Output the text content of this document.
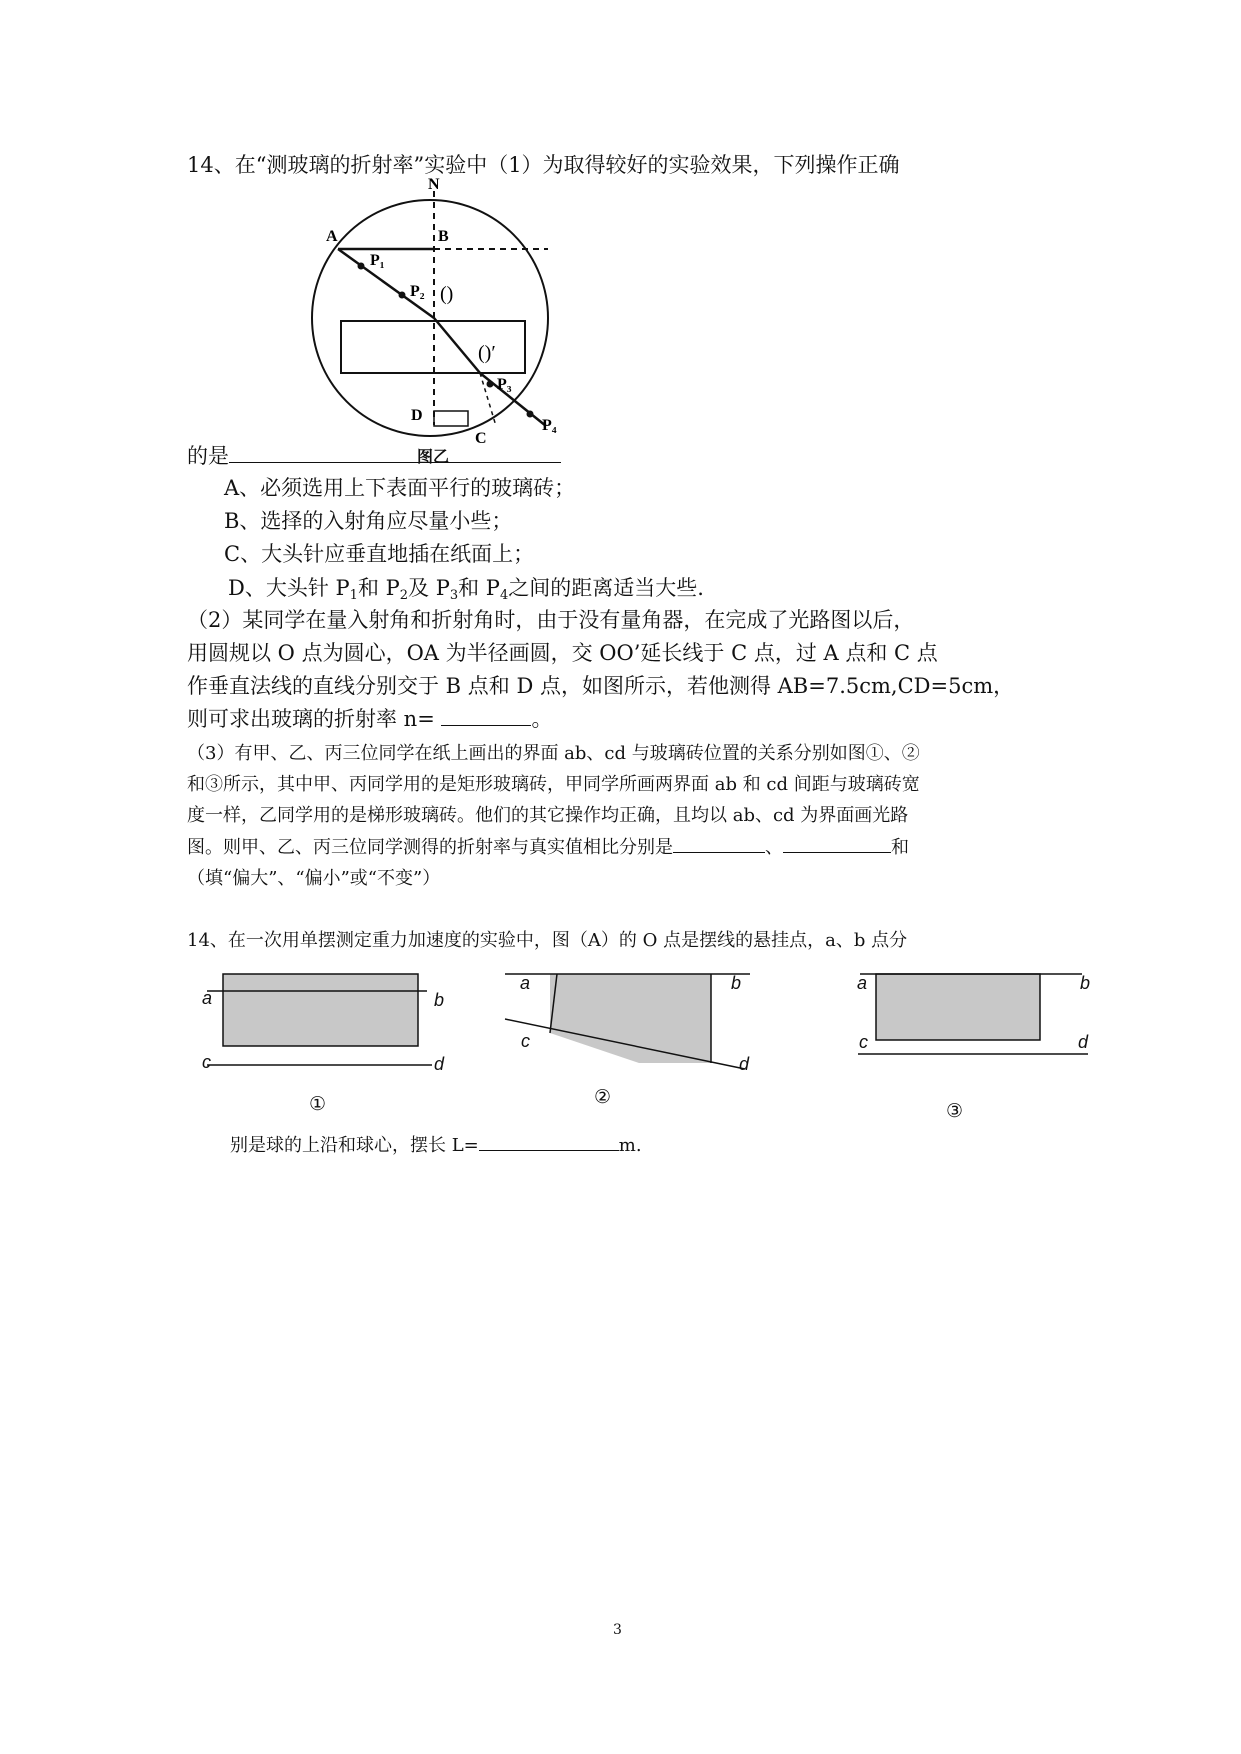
14、在“测玻璃的折射率”实验中（1）为取得较好的实验效果，下列操作正确
N
A	B
P₁
P₂ ()
()′
P₃
P₄
D
C
的是	图乙
A、必须选用上下表面平行的玻璃砖；
B、选择的入射角应尽量小些；
C、大头针应垂直地插在纸面上；
D、大头针 $P_1$和 $P_2$及 $P_3$和 $P_4$之间的距离适当大些.
（2）某同学在量入射角和折射角时，由于没有量角器，在完成了光路图以后，
用圆规以 O 点为圆心，OA 为半径画圆，交 OO’延长线于 C 点，过 A 点和 C 点
作垂直法线的直线分别交于 B 点和 D 点，如图所示，若他测得 AB=7.5cm,CD=5cm，
则可求出玻璃的折射率 n=	。
（3）有甲、乙、丙三位同学在纸上画出的界面 ab、cd 与玻璃砖位置的关系分别如图①、②
和③所示，其中甲、丙同学用的是矩形玻璃砖，甲同学所画两界面 ab 和 cd 间距与玻璃砖宽
度一样，乙同学用的是梯形玻璃砖。他们的其它操作均正确，且均以 ab、cd 为界面画光路
图。则甲、乙、丙三位同学测得的折射率与真实值相比分别是	、	和
（填“偏大”、“偏小”或“不变”）
14、在一次用单摆测定重力加速度的实验中，图（A）的 O 点是摆线的悬挂点，a、b 点分
a	b
c	d
①
a	b
c
d
②
a	b
c	d
③
别是球的上沿和球心，摆长 L=	m.
3
